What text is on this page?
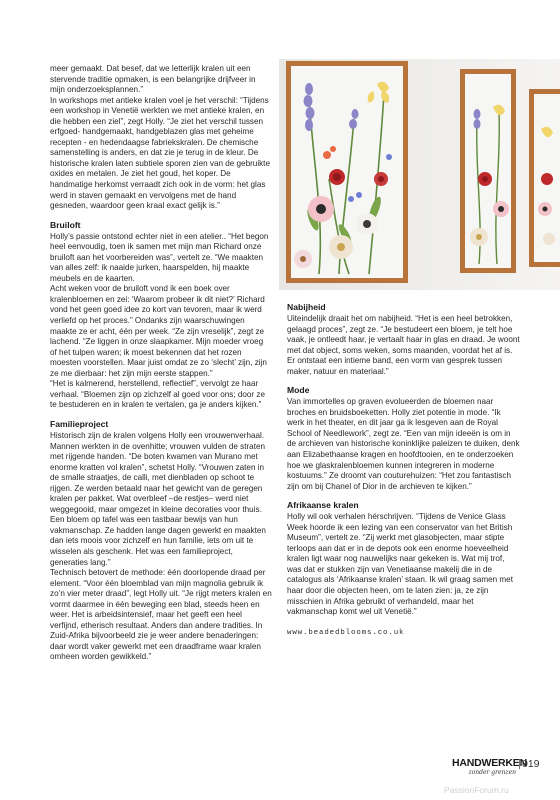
meer gemaakt. Dat besef, dat we letterlijk kralen uit een stervende traditie opmaken, is een belangrijke drijfveer in mijn onderzoeksplannen.”

In workshops met antieke kralen voel je het verschil: “Tijdens een workshop in Venetië werkten we met antieke kralen, en die hebben een ziel”, zegt Holly. “Je ziet het verschil tussen erfgoed- handgemaakt, handgeblazen glas met geheime recepten - en hedendaagse fabriekskralen. De chemische samenstelling is anders, en dat zie je terug in de kleur. De historische kralen laten subtiele sporen zien van de gebruikte oxides en metalen. Je ziet het goud, het koper. De handmatige herkomst verraadt zich ook in de vorm: het glas werd in staven gemaakt en vervolgens met de hand gesneden, waardoor geen kraal exact gelijk is.”

Bruiloft

Holly’s passie ontstond echter niet in een atelier.. “Het begon heel eenvoudig, toen ik samen met mijn man Richard onze bruiloft aan het voorbereiden was”, vertelt ze. “We maakten van alles zelf: ik naaide jurken, haarspelden, hij maakte meubels en de kaarten.

Acht weken voor de bruiloft vond ik een boek over kralenbloemen en zei: ‘Waarom probeer ik dit niet?’ Richard vond het geen goed idee zo kort van tevoren, maar ik werd verliefd op het proces.” Ondanks zijn waarschuwingen maakte ze er acht, één per week. “Ze zijn vreselijk”, zegt ze lachend. “Ze liggen in onze slaapkamer. Mijn moeder vroeg of het tulpen waren; ik moest bekennen dat het rozen moesten voorstellen. Maar juist omdat ze zo ‘slecht’ zijn, zijn ze me dierbaar: het zijn mijn eerste stappen.”

“Het is kalmerend, herstellend, reflectief”, vervolgt ze haar verhaal. “Bloemen zijn op zichzelf al goed voor ons; door ze te bestuderen en in kralen te vertalen, ga je anders kijken.”

Familieproject

Historisch zijn de kralen volgens Holly een vrouwenverhaal. Mannen werkten in de ovenhitte; vrouwen vulden de straten met rijgende handen. “De boten kwamen van Murano met enorme kratten vol kralen”, schetst Holly. “Vrouwen zaten in de smalle straatjes, de calli, met dienbladen op schoot te rijgen. Ze werden betaald naar het gewicht van de geregen kralen per pakket. Wat overbleef –de restjes– werd niet weggegooid, maar omgezet in kleine decoraties voor thuis. Een bloem op tafel was een tastbaar bewijs van hun vakmanschap. Ze hadden lange dagen gewerkt en maakten dan iets moois voor zichzelf en hun familie, iets om uit te wisselen als geschenk. Het was een familieproject, generaties lang.”

Technisch betovert de methode: één doorlopende draad per element. “Voor één bloemblad van mijn magnolia gebruik ik zo’n vier meter draad”, legt Holly uit. “Je rijgt meters kralen en vormt daarmee in één beweging een blad, steeds heen en weer. Het is arbeidsintensief, maar het geeft een heel verfijnd, etherisch resultaat. Anders dan andere tradities. In Zuid-Afrika bijvoorbeeld zie je weer andere benaderingen: daar wordt vaker gewerkt met een draadframe waar kralen omheen worden gewikkeld.”

Nabijheid

Uiteindelijk draait het om nabijheid. “Het is een heel betrokken, gelaagd proces”, zegt ze. “Je bestudeert een bloem, je telt hoe vaak, je ontleedt haar, je vertaalt haar in glas en draad. Je woont met dat object, soms weken, soms maanden, voordat het af is. Er ontstaat een intieme band, een vorm van gesprek tussen maker, natuur en materiaal.”

Mode

Van immortelles op graven evolueerden de bloemen naar broches en bruidsboeketten. Holly ziet potentie in mode. “Ik werk in het theater, en dit jaar ga ik lesgeven aan de Royal School of Needlework”, zegt ze. “Een van mijn ideeën is om in de archieven van historische koninklijke paleizen te duiken, denk aan Elizabethaanse kragen en hoofdtooien, en te onderzoeken hoe we glaskralenbloemen kunnen integreren in moderne kostuums.” Ze droomt van couturehuizen: “Het zou fantastisch zijn om bij Chanel of Dior in de archieven te kijken.”

Afrikaanse kralen

Holly wil ook verhalen hérschrijven. “Tijdens de Venice Glass Week hoorde ik een lezing van een conservator van het British Museum”, vertelt ze. “Zij werkt met glasobjecten, maar stipte terloops aan dat er in de depots ook een enorme hoeveelheid kralen ligt waar nog nauwelijks naar gekeken is. Wat mij trof, was dat er stukken zijn van Venetiaanse makelij die in de catalogus als ‘Afrikaanse kralen’ staan. Ik wil graag samen met haar door die objecten heen, om te laten zien: ja, ze zijn misschien in Afrika gebruikt of verhandeld, maar het vakmanschap komt wel uit Venetië.”

www.beadedblooms.co.uk

HANDWERKEN
zonder grenzen
019
PassionForum.ru
